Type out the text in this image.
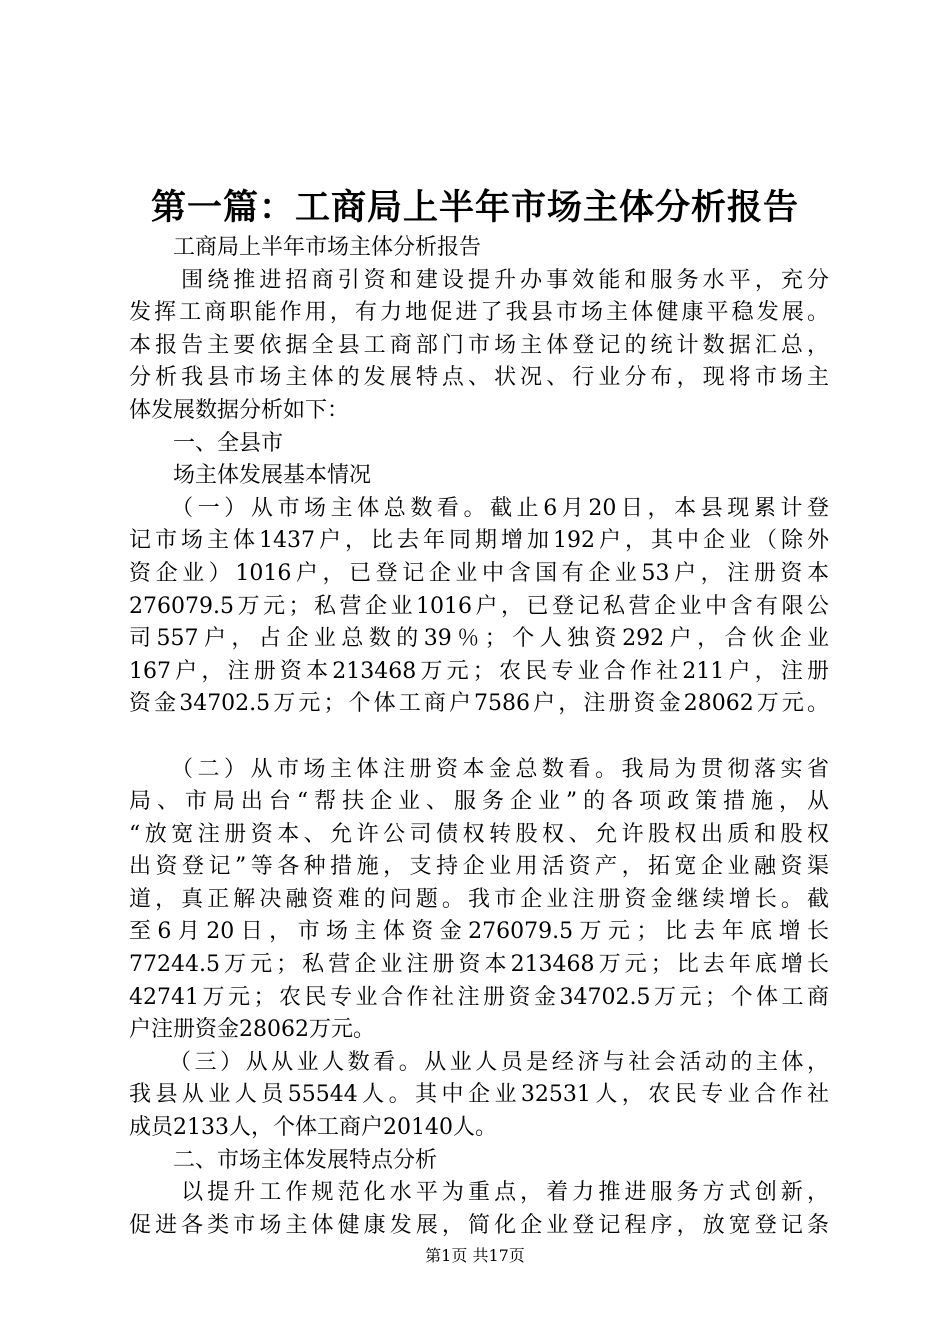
第一篇：工商局上半年市场主体分析报告
　　工商局上半年市场主体分析报告
　　围绕推进招商引资和建设提升办事效能和服务水平，充分
发挥工商职能作用，有力地促进了我县市场主体健康平稳发展。
本报告主要依据全县工商部门市场主体登记的统计数据汇总，
分析我县市场主体的发展特点、状况、行业分布，现将市场主
体发展数据分析如下：
　　一、全县市
　　场主体发展基本情况
　　（一）从市场主体总数看。截止6月20日，本县现累计登
记市场主体1437户，比去年同期增加192户，其中企业（除外
资企业）1016户，已登记企业中含国有企业53户，注册资本
276079.5万元；私营企业1016户，已登记私营企业中含有限公
司557户，占企业总数的39％；个人独资292户，合伙企业
167户，注册资本213468万元；农民专业合作社211户，注册
资金34702.5万元；个体工商户7586户，注册资金28062万元。
　　（二）从市场主体注册资本金总数看。我局为贯彻落实省
局、市局出台“帮扶企业、服务企业”的各项政策措施，从
“放宽注册资本、允许公司债权转股权、允许股权出质和股权
出资登记”等各种措施，支持企业用活资产，拓宽企业融资渠
道，真正解决融资难的问题。我市企业注册资金继续增长。截
至6月20日，市场主体资金276079.5万元；比去年底增长
77244.5万元；私营企业注册资本213468万元；比去年底增长
42741万元；农民专业合作社注册资金34702.5万元；个体工商
户注册资金28062万元。
　　（三）从从业人数看。从业人员是经济与社会活动的主体，
我县从业人员55544人。其中企业32531人，农民专业合作社
成员2133人，个体工商户20140人。
　　二、市场主体发展特点分析
　　以提升工作规范化水平为重点，着力推进服务方式创新，
促进各类市场主体健康发展，简化企业登记程序，放宽登记条
第1页 共17页
